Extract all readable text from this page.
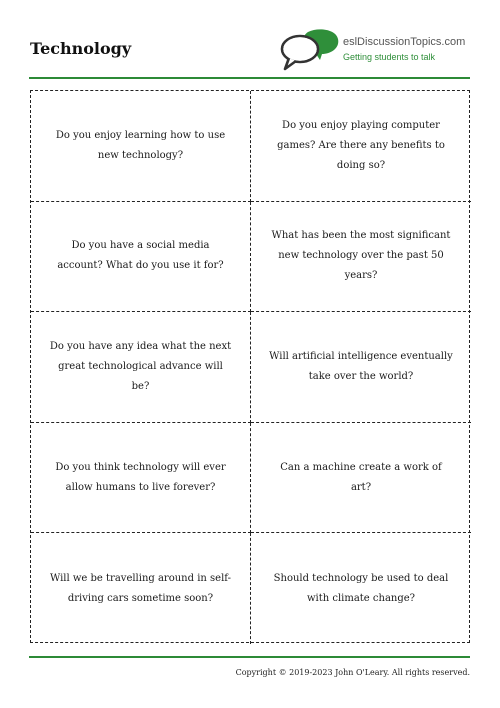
Technology	eslDiscussionTopics.com
Getting students to talk
Do you enjoy learning how to use new technology?
Do you enjoy playing computer games? Are there any benefits to doing so?
Do you have a social media account? What do you use it for?
What has been the most significant new technology over the past 50 years?
Do you have any idea what the next great technological advance will be?
Will artificial intelligence eventually take over the world?
Do you think technology will ever allow humans to live forever?
Can a machine create a work of art?
Will we be travelling around in self-driving cars sometime soon?
Should technology be used to deal with climate change?
Copyright © 2019-2023 John O'Leary. All rights reserved.
